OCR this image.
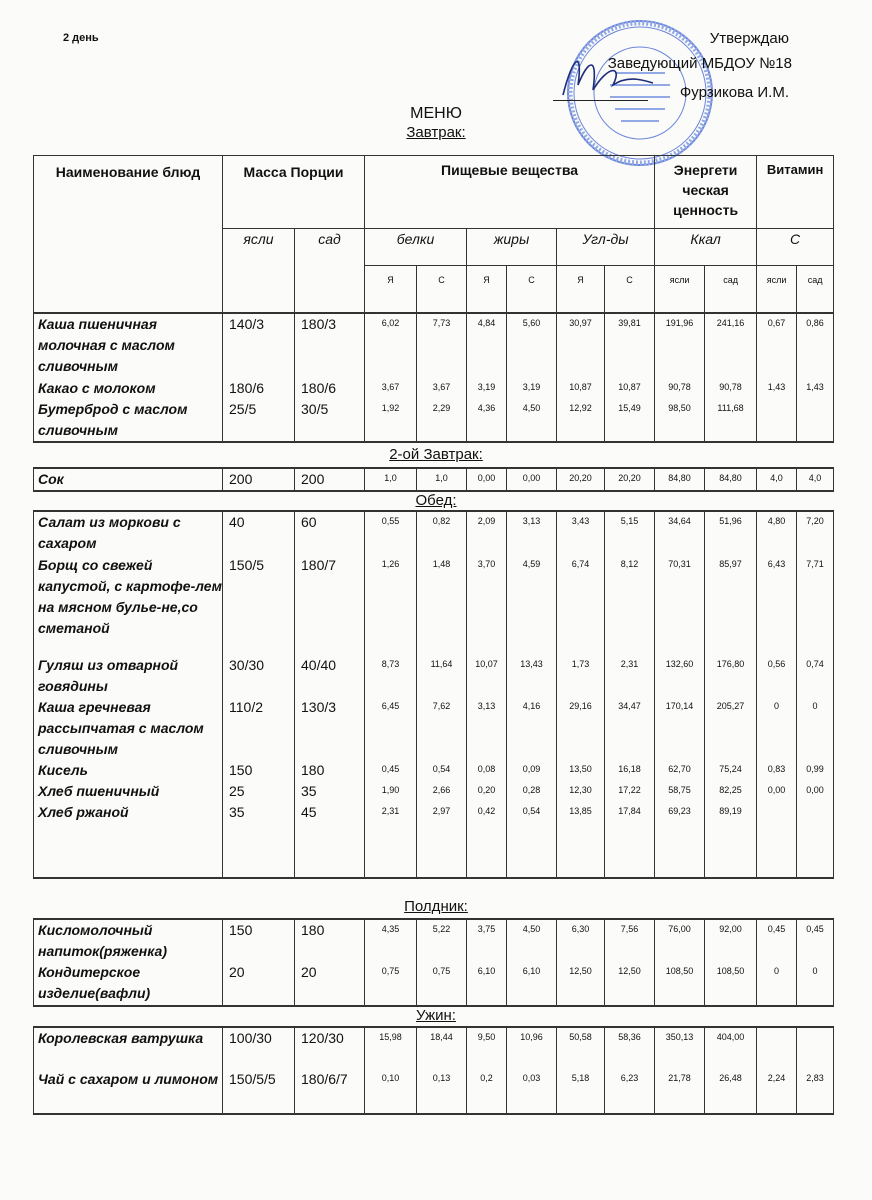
2 день	Утверждаю
Заведующий МБДОУ №18
Фурзикова И.М.
МЕНЮ
Завтрак:
Наименование блюд	Масса Порции		Пищевые вещества						Энергети ческая ценность		Витамин	
	ясли	сад	белки		жиры		Угл-ды		Ккал		С	
			Я	С	Я	С	Я	С	ясли	сад	ясли	сад
Каша пшеничная молочная с маслом сливочным	140/3	180/3	6,02	7,73	4,84	5,60	30,97	39,81	191,96	241,16	0,67	0,86
Какао с молоком	180/6	180/6	3,67	3,67	3,19	3,19	10,87	10,87	90,78	90,78	1,43	1,43
Бутерброд с маслом сливочным	25/5	30/5	1,92	2,29	4,36	4,50	12,92	15,49	98,50	111,68		
2-ой Завтрак:
Сок	200	200	1,0	1,0	0,00	0,00	20,20	20,20	84,80	84,80	4,0	4,0
Обед:
Салат из моркови с сахаром	40	60	0,55	0,82	2,09	3,13	3,43	5,15	34,64	51,96	4,80	7,20
Борщ со свежей капустой, с картофе-лем на мясном булье-не,со сметаной	150/5	180/7	1,26	1,48	3,70	4,59	6,74	8,12	70,31	85,97	6,43	7,71
Гуляш из отварной говядины	30/30	40/40	8,73	11,64	10,07	13,43	1,73	2,31	132,60	176,80	0,56	0,74
Каша гречневая рассыпчатая с маслом сливочным	110/2	130/3	6,45	7,62	3,13	4,16	29,16	34,47	170,14	205,27	0	0
Кисель	150	180	0,45	0,54	0,08	0,09	13,50	16,18	62,70	75,24	0,83	0,99
Хлеб пшеничный	25	35	1,90	2,66	0,20	0,28	12,30	17,22	58,75	82,25	0,00	0,00
Хлеб ржаной	35	45	2,31	2,97	0,42	0,54	13,85	17,84	69,23	89,19		

Полдник:
Кисломолочный напиток(ряженка)	150	180	4,35	5,22	3,75	4,50	6,30	7,56	76,00	92,00	0,45	0,45
Кондитерское изделие(вафли)	20	20	0,75	0,75	6,10	6,10	12,50	12,50	108,50	108,50	0	0
Ужин:
Королевская ватрушка	100/30	120/30	15,98	18,44	9,50	10,96	50,58	58,36	350,13	404,00		
Чай с сахаром и лимоном	150/5/5	180/6/7	0,10	0,13	0,2	0,03	5,18	6,23	21,78	26,48	2,24	2,83
